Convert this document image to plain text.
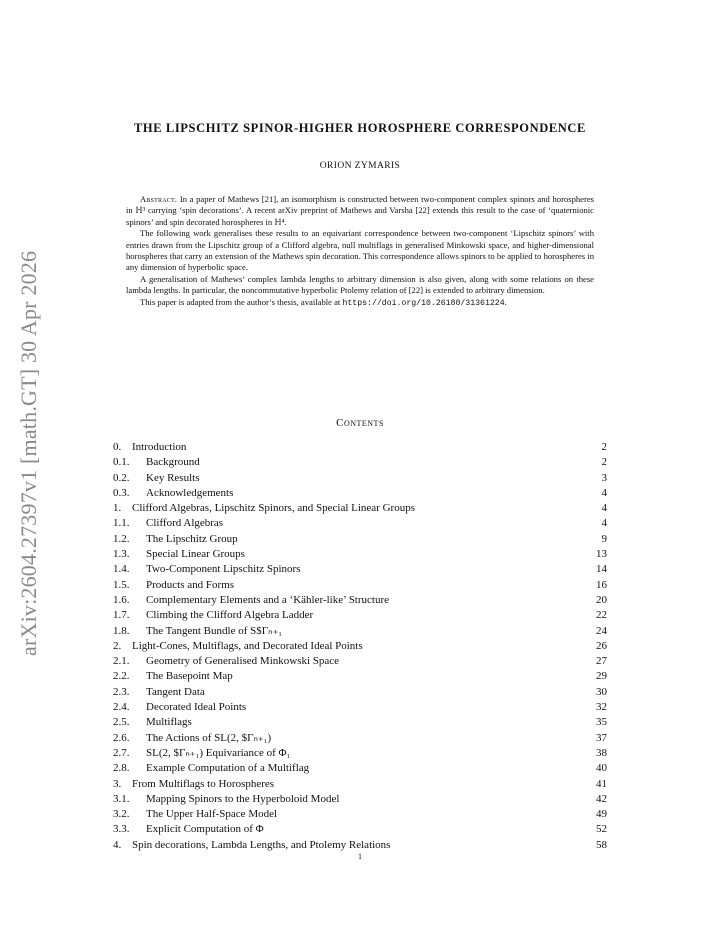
arXiv:2604.27397v1 [math.GT] 30 Apr 2026
THE LIPSCHITZ SPINOR-HIGHER HOROSPHERE CORRESPONDENCE
ORION ZYMARIS

Abstract. In a paper of Mathews [21], an isomorphism is constructed between two-component complex spinors and horospheres in ℍ³ carrying ‘spin decorations’. A recent arXiv preprint of Mathews and Varsha [22] extends this result to the case of ‘quaternionic spinors’ and spin decorated horospheres in ℍ⁴.

The following work generalises these results to an equivariant correspondence between two-component ‘Lipschitz spinors’ with entries drawn from the Lipschitz group of a Clifford algebra, null multiflags in generalised Minkowski space, and higher-dimensional horospheres that carry an extension of the Mathews spin decoration. This correspondence allows spinors to be applied to horospheres in any dimension of hyperbolic space.

A generalisation of Mathews’ complex lambda lengths to arbitrary dimension is also given, along with some relations on these lambda lengths. In particular, the noncommutative hyperbolic Ptolemy relation of [22] is extended to arbitrary dimension.

This paper is adapted from the author’s thesis, available at https://doi.org/10.26180/31361224.

Contents
0. Introduction	2
0.1. Background	2
0.2. Key Results	3
0.3. Acknowledgements	4
1. Clifford Algebras, Lipschitz Spinors, and Special Linear Groups	4
1.1. Clifford Algebras	4
1.2. The Lipschitz Group	9
1.3. Special Linear Groups	13
1.4. Two-Component Lipschitz Spinors	14
1.5. Products and Forms	16
1.6. Complementary Elements and a ‘Kähler-like’ Structure	20
1.7. Climbing the Clifford Algebra Ladder	22
1.8. The Tangent Bundle of S$Γₙ₊₁	24
2. Light-Cones, Multiflags, and Decorated Ideal Points	26
2.1. Geometry of Generalised Minkowski Space	27
2.2. The Basepoint Map	29
2.3. Tangent Data	30
2.4. Decorated Ideal Points	32
2.5. Multiflags	35
2.6. The Actions of SL(2, $Γₙ₊₁)	37
2.7. SL(2, $Γₙ₊₁) Equivariance of Φ₁	38
2.8. Example Computation of a Multiflag	40
3. From Multiflags to Horospheres	41
3.1. Mapping Spinors to the Hyperboloid Model	42
3.2. The Upper Half-Space Model	49
3.3. Explicit Computation of Φ	52
4. Spin decorations, Lambda Lengths, and Ptolemy Relations	58
1
